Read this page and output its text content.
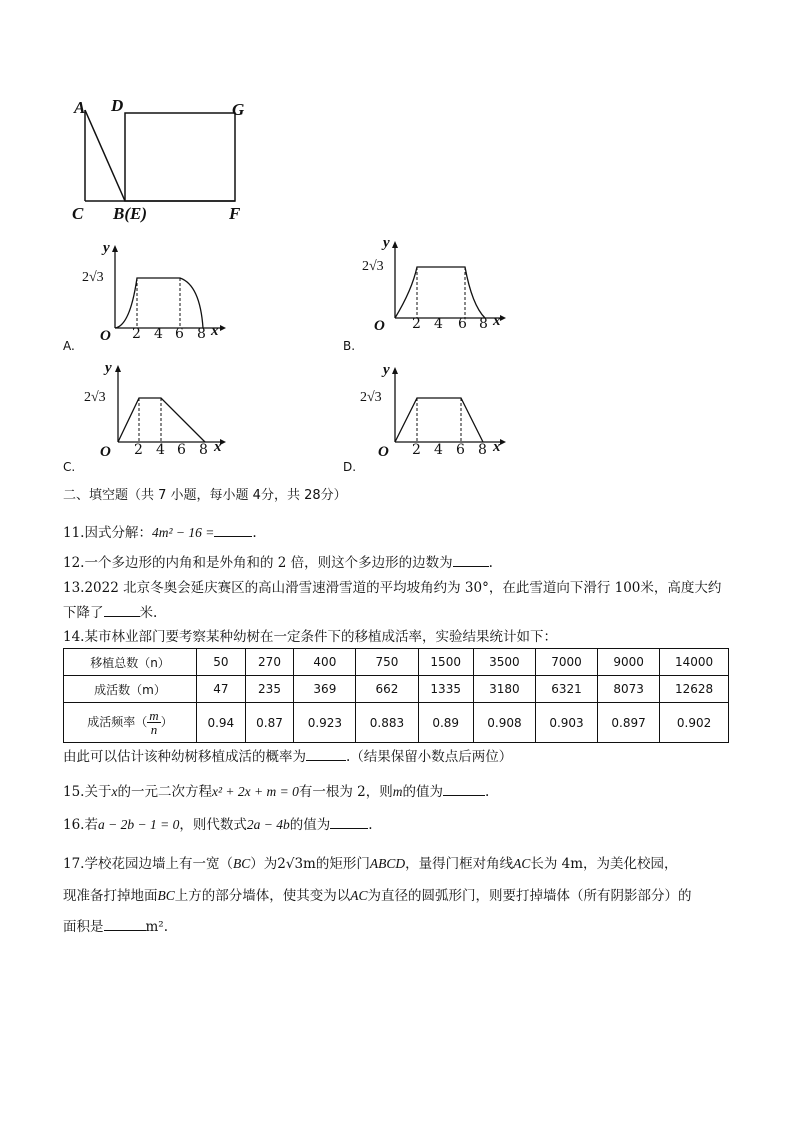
A D	G
C B(E)	F
A.
y
2√3
O 2 4 6 8 x
B.
y
2√3
O 2 4 6 8 x
C.
y
2√3
O 2 4 6 8 x
D.
y
2√3
O 2 4 6 8 x
二、填空题（共 7 小题，每小题 4分，共 28分）
11.因式分解：4m² − 16 =	.
12.一个多边形的内角和是外角和的 2 倍，则这个多边形的边数为	.
13.2022 北京冬奥会延庆赛区的高山滑雪速滑雪道的平均坡角约为 30°，在此雪道向下滑行 100米，高度大约
下降了	米.
14.某市林业部门要考察某种幼树在一定条件下的移植成活率，实验结果统计如下：
移植总数（n）	50	270	400	750	1500	3500	7000	9000	14000
成活数（m）	47	235	369	662	1335	3180	6321	8073	12628
成活频率（ $\frac{m}{n}$ ）	0.94	0.87	0.923	0.883	0.89	0.908	0.903	0.897	0.902
由此可以估计该种幼树移植成活的概率为	.（结果保留小数点后两位）
15.关于x的一元二次方程x² + 2x + m = 0有一根为 2，则m的值为	.
16.若a − 2b − 1 = 0，则代数式2a − 4b的值为	.
17.学校花园边墙上有一宽（BC）为2√3m的矩形门ABCD，量得门框对角线AC长为 4m，为美化校园，
现准备打掉地面BC上方的部分墙体，使其变为以AC为直径的圆弧形门，则要打掉墙体（所有阴影部分）的
面积是	m².
